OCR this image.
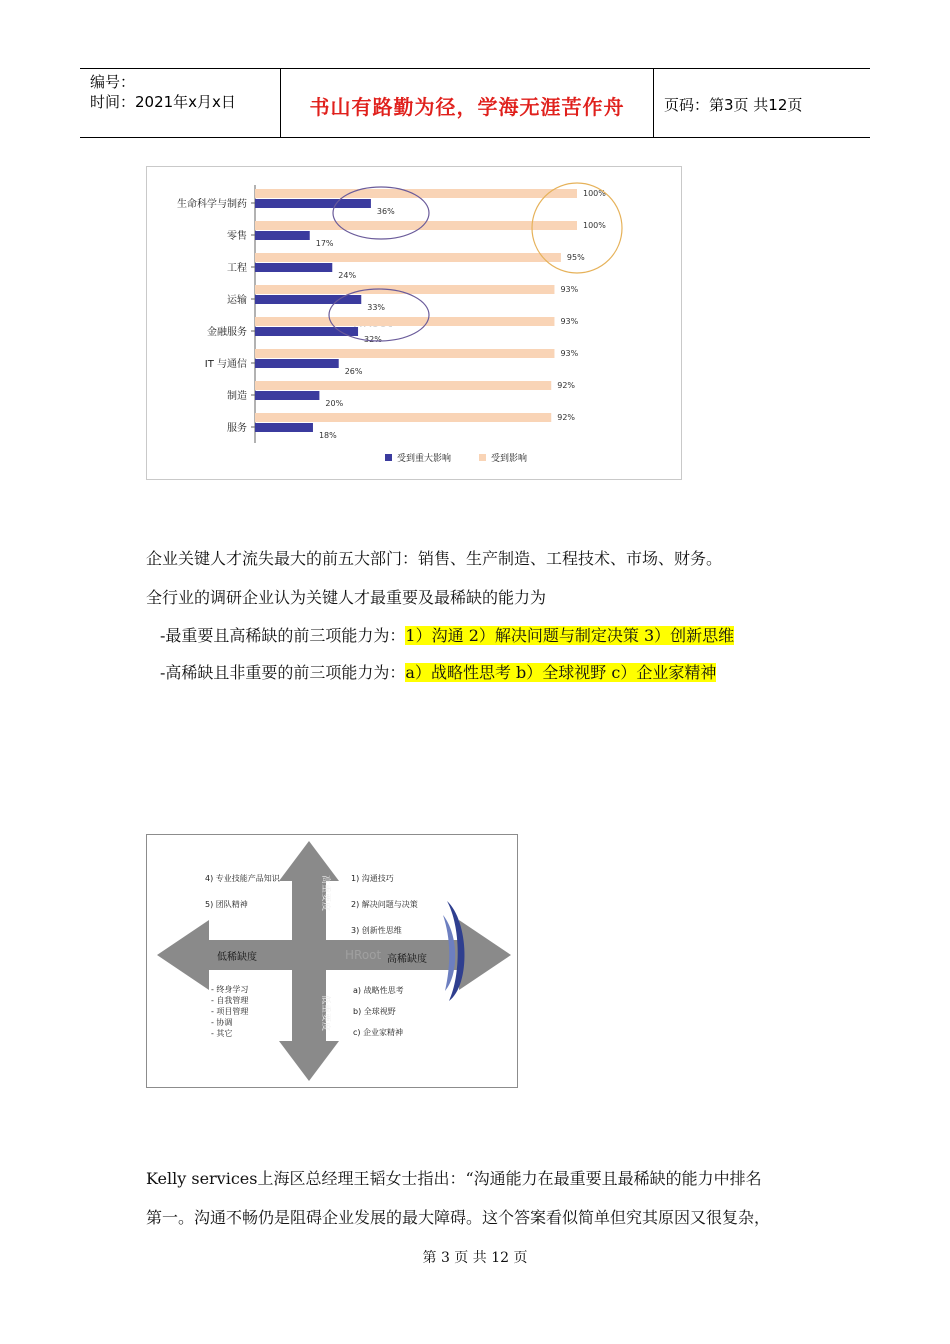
编号：
时间：2021年x月x日	书山有路勤为径，学海无涯苦作舟	页码：第3页 共12页
生命科学与制药
100%
36%
零售
100%
17%
工程
95%
24%
运输
93%
33%
金融服务
93%
32%
IT 与通信
93%
26%
制造
92%
20%
服务
92%
18%
受到重大影响	受到影响
企业关键人才流失最大的前五大部门：销售、生产制造、工程技术、市场、财务。
全行业的调研企业认为关键人才最重要及最稀缺的能力为
-最重要且高稀缺的前三项能力为：1）沟通 2）解决问题与制定决策 3）创新思维
-高稀缺且非重要的前三项能力为：a）战略性思考 b）全球视野 c）企业家精神
低稀缺度	高稀缺度
高重要度
低重要度
HRoot
4) 专业技能产品知识
5) 团队精神
1) 沟通技巧
2) 解决问题与决策
3) 创新性思维
- 终身学习
- 自我管理
- 项目管理
- 协调
- 其它
a) 战略性思考
b) 全球视野
c) 企业家精神
Kelly services上海区总经理王韬女士指出：“沟通能力在最重要且最稀缺的能力中排名
第一。沟通不畅仍是阻碍企业发展的最大障碍。这个答案看似简单但究其原因又很复杂，
第 3 页 共 12 页
